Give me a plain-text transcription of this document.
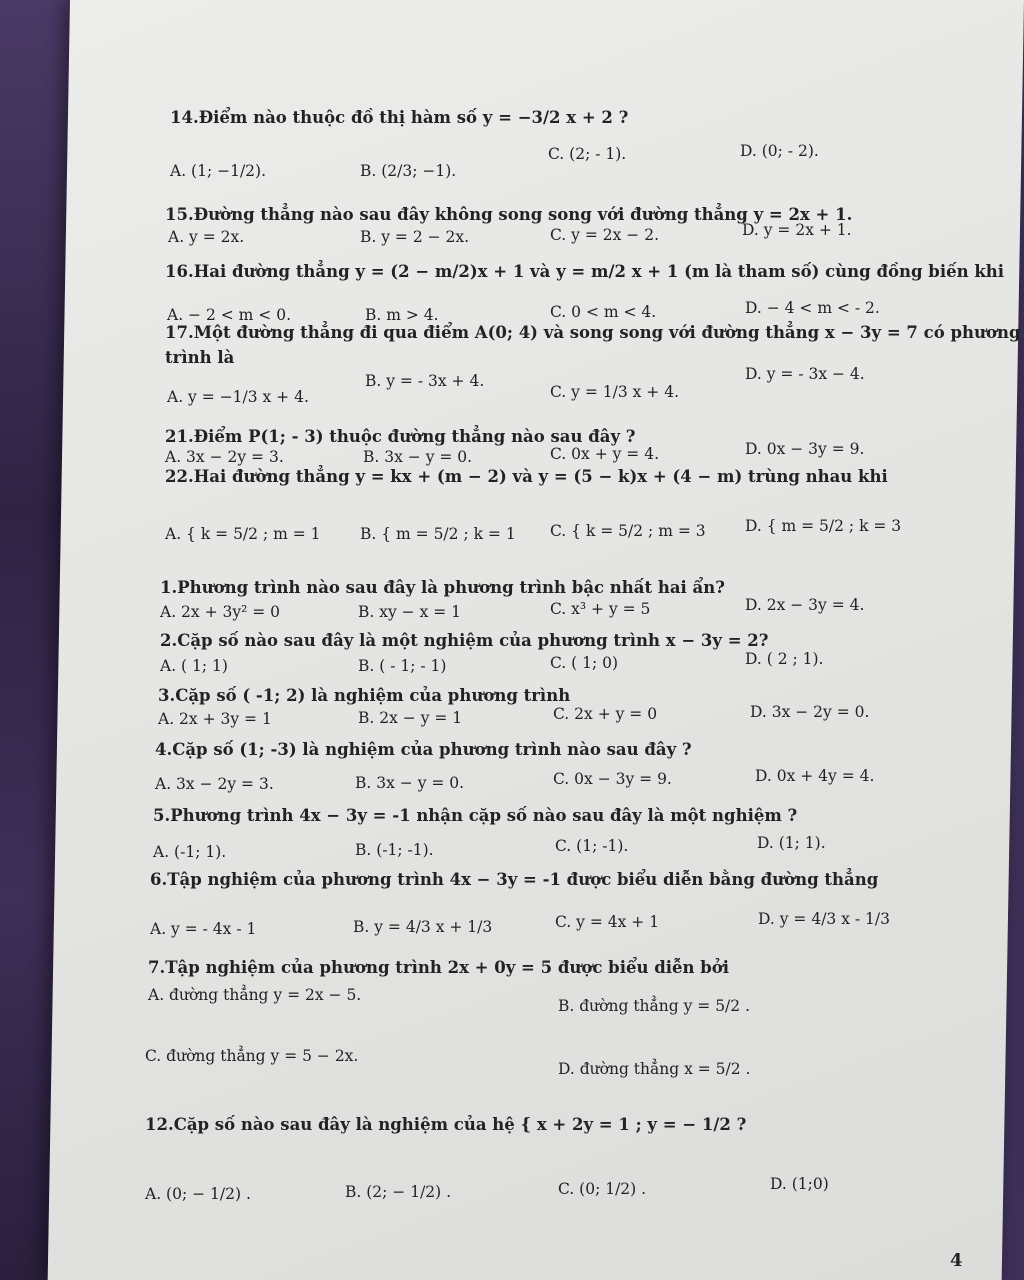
14.Điểm nào thuộc đồ thị hàm số y = −3/2 x + 2 ?
A. (1; −1/2).	B. (2/3; −1).
C. (2; - 1).	D. (0; - 2).
15.Đường thẳng nào sau đây không song song với đường thẳng y = 2x + 1.
A. y = 2x.	B. y = 2 − 2x.	C. y = 2x − 2.	D. y = 2x + 1.
16.Hai đường thẳng y = (2 − m/2)x + 1 và y = m/2 x + 1 (m là tham số) cùng đồng biến khi
A. − 2 < m < 0.	B. m > 4.	C. 0 < m < 4.	D. − 4 < m < - 2.
17.Một đường thẳng đi qua điểm A(0; 4) và song song với đường thẳng x − 3y = 7 có phương
trình là
A. y = −1/3 x + 4.
B. y = - 3x + 4.
C. y = 1/3 x + 4.
D. y = - 3x − 4.
21.Điểm P(1; - 3) thuộc đường thẳng nào sau đây ?
A. 3x − 2y = 3.	B. 3x − y = 0.	C. 0x + y = 4.	D. 0x − 3y = 9.
22.Hai đường thẳng y = kx + (m − 2) và y = (5 − k)x + (4 − m) trùng nhau khi
A. { k = 5/2 ; m = 1	B. { m = 5/2 ; k = 1 C. { k = 5/2 ; m = 3	D. { m = 5/2 ; k = 3
1.Phương trình nào sau đây là phương trình bậc nhất hai ẩn?
A. 2x + 3y² = 0	B. xy − x = 1	C. x³ + y = 5	D. 2x − 3y = 4.
2.Cặp số nào sau đây là một nghiệm của phương trình x − 3y = 2?
A. ( 1; 1)	B. ( - 1; - 1)	C. ( 1; 0)	D. ( 2 ; 1).
3.Cặp số ( -1; 2) là nghiệm của phương trình
A. 2x + 3y = 1	B. 2x − y = 1	C. 2x + y = 0	D. 3x − 2y = 0.
4.Cặp số (1; -3) là nghiệm của phương trình nào sau đây ?
A. 3x − 2y = 3.	B. 3x − y = 0.	C. 0x − 3y = 9.	D. 0x + 4y = 4.
5.Phương trình 4x − 3y = -1 nhận cặp số nào sau đây là một nghiệm ?
A. (-1; 1).	B. (-1; -1).	C. (1; -1).	D. (1; 1).
6.Tập nghiệm của phương trình 4x − 3y = -1 được biểu diễn bằng đường thẳng
A. y = - 4x - 1	B. y = 4/3 x + 1/3	C. y = 4x + 1	D. y = 4/3 x - 1/3
7.Tập nghiệm của phương trình 2x + 0y = 5 được biểu diễn bởi
A. đường thẳng y = 2x − 5.
B. đường thẳng y = 5/2 .
C. đường thẳng y = 5 − 2x.
D. đường thẳng x = 5/2 .
12.Cặp số nào sau đây là nghiệm của hệ { x + 2y = 1 ; y = − 1/2 ?
A. (0; − 1/2) .	B. (2; − 1/2) .	C. (0; 1/2) .	D. (1;0)
4
